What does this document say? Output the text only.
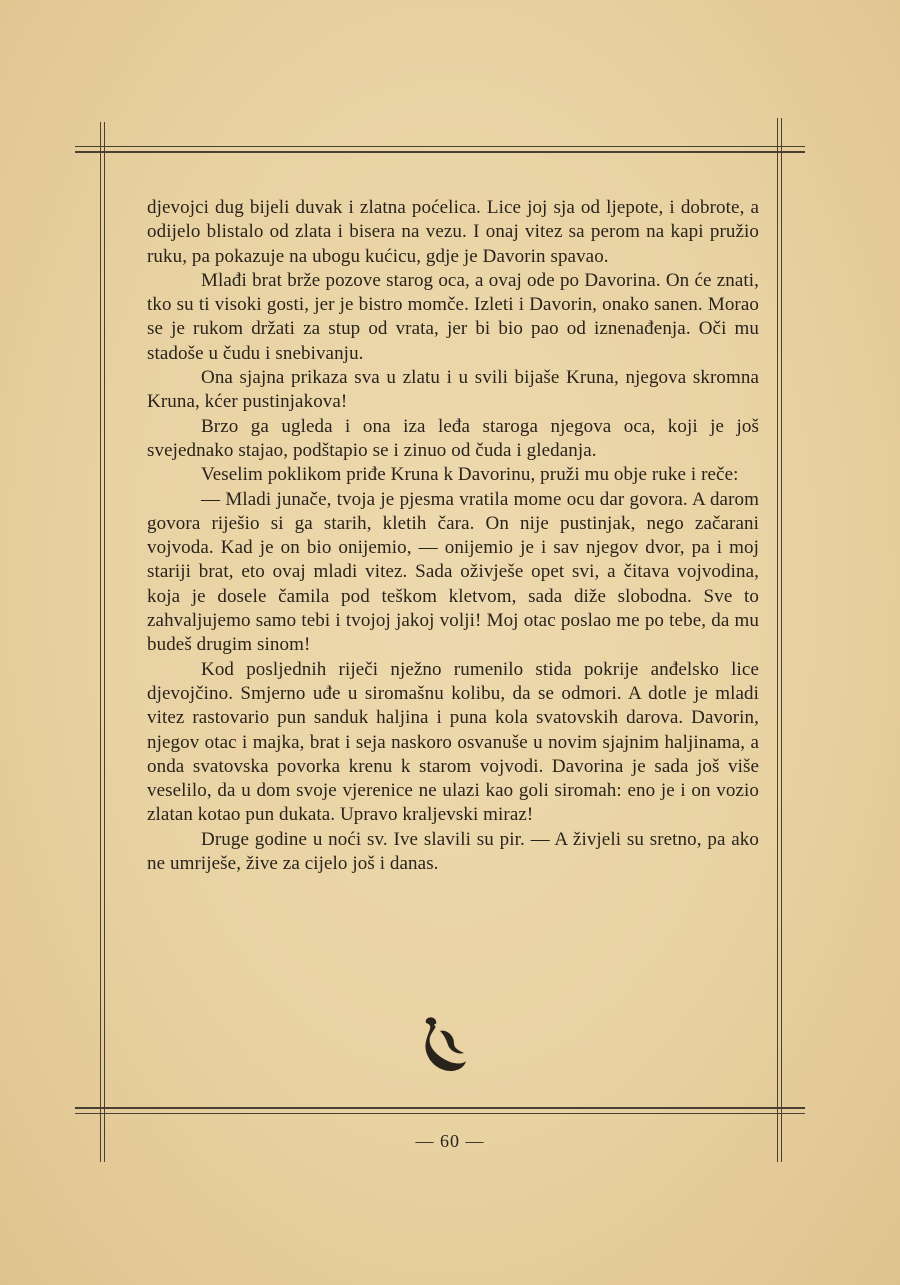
djevojci dug bijeli duvak i zlatna poćelica. Lice joj sja od ljepote, i dobrote, a odijelo blistalo od zlata i bisera na vezu. I onaj vitez sa perom na kapi pružio ruku, pa pokazuje na ubogu kućicu, gdje je Davorin spavao.

Mlađi brat brže pozove starog oca, a ovaj ode po Davorina. On će znati, tko su ti visoki gosti, jer je bistro momče. Izleti i Davorin, onako sanen. Morao se je rukom držati za stup od vrata, jer bi bio pao od iznenađenja. Oči mu stadoše u čudu i snebivanju.

Ona sjajna prikaza sva u zlatu i u svili bijaše Kruna, njegova skromna Kruna, kćer pustinjakova!

Brzo ga ugleda i ona iza leđa staroga njegova oca, koji je još svejednako stajao, podštapio se i zinuo od čuda i gledanja.

Veselim poklikom priđe Kruna k Davorinu, pruži mu obje ruke i reče:

— Mladi junače, tvoja je pjesma vratila mome ocu dar govora. A darom govora riješio si ga starih, kletih čara. On nije pustinjak, nego začarani vojvoda. Kad je on bio onijemio, — onijemio je i sav njegov dvor, pa i moj stariji brat, eto ovaj mladi vitez. Sada oživješe opet svi, a čitava vojvodina, koja je dosele čamila pod teškom kletvom, sada diže slobodna. Sve to zahvaljujemo samo tebi i tvojoj jakoj volji! Moj otac poslao me po tebe, da mu budeš drugim sinom!

Kod posljednih riječi nježno rumenilo stida pokrije anđelsko lice djevojčino. Smjerno uđe u siromašnu kolibu, da se odmori. A dotle je mladi vitez rastovario pun sanduk haljina i puna kola svatovskih darova. Davorin, njegov otac i majka, brat i seja naskoro osvanuše u novim sjajnim haljinama, a onda svatovska povorka krenu k starom vojvodi. Davorina je sada još više veselilo, da u dom svoje vjerenice ne ulazi kao goli siromah: eno je i on vozio zlatan kotao pun dukata. Upravo kraljevski miraz!

Druge godine u noći sv. Ive slavili su pir. — A živjeli su sretno, pa ako ne umriješe, žive za cijelo još i danas.

— 60 —
